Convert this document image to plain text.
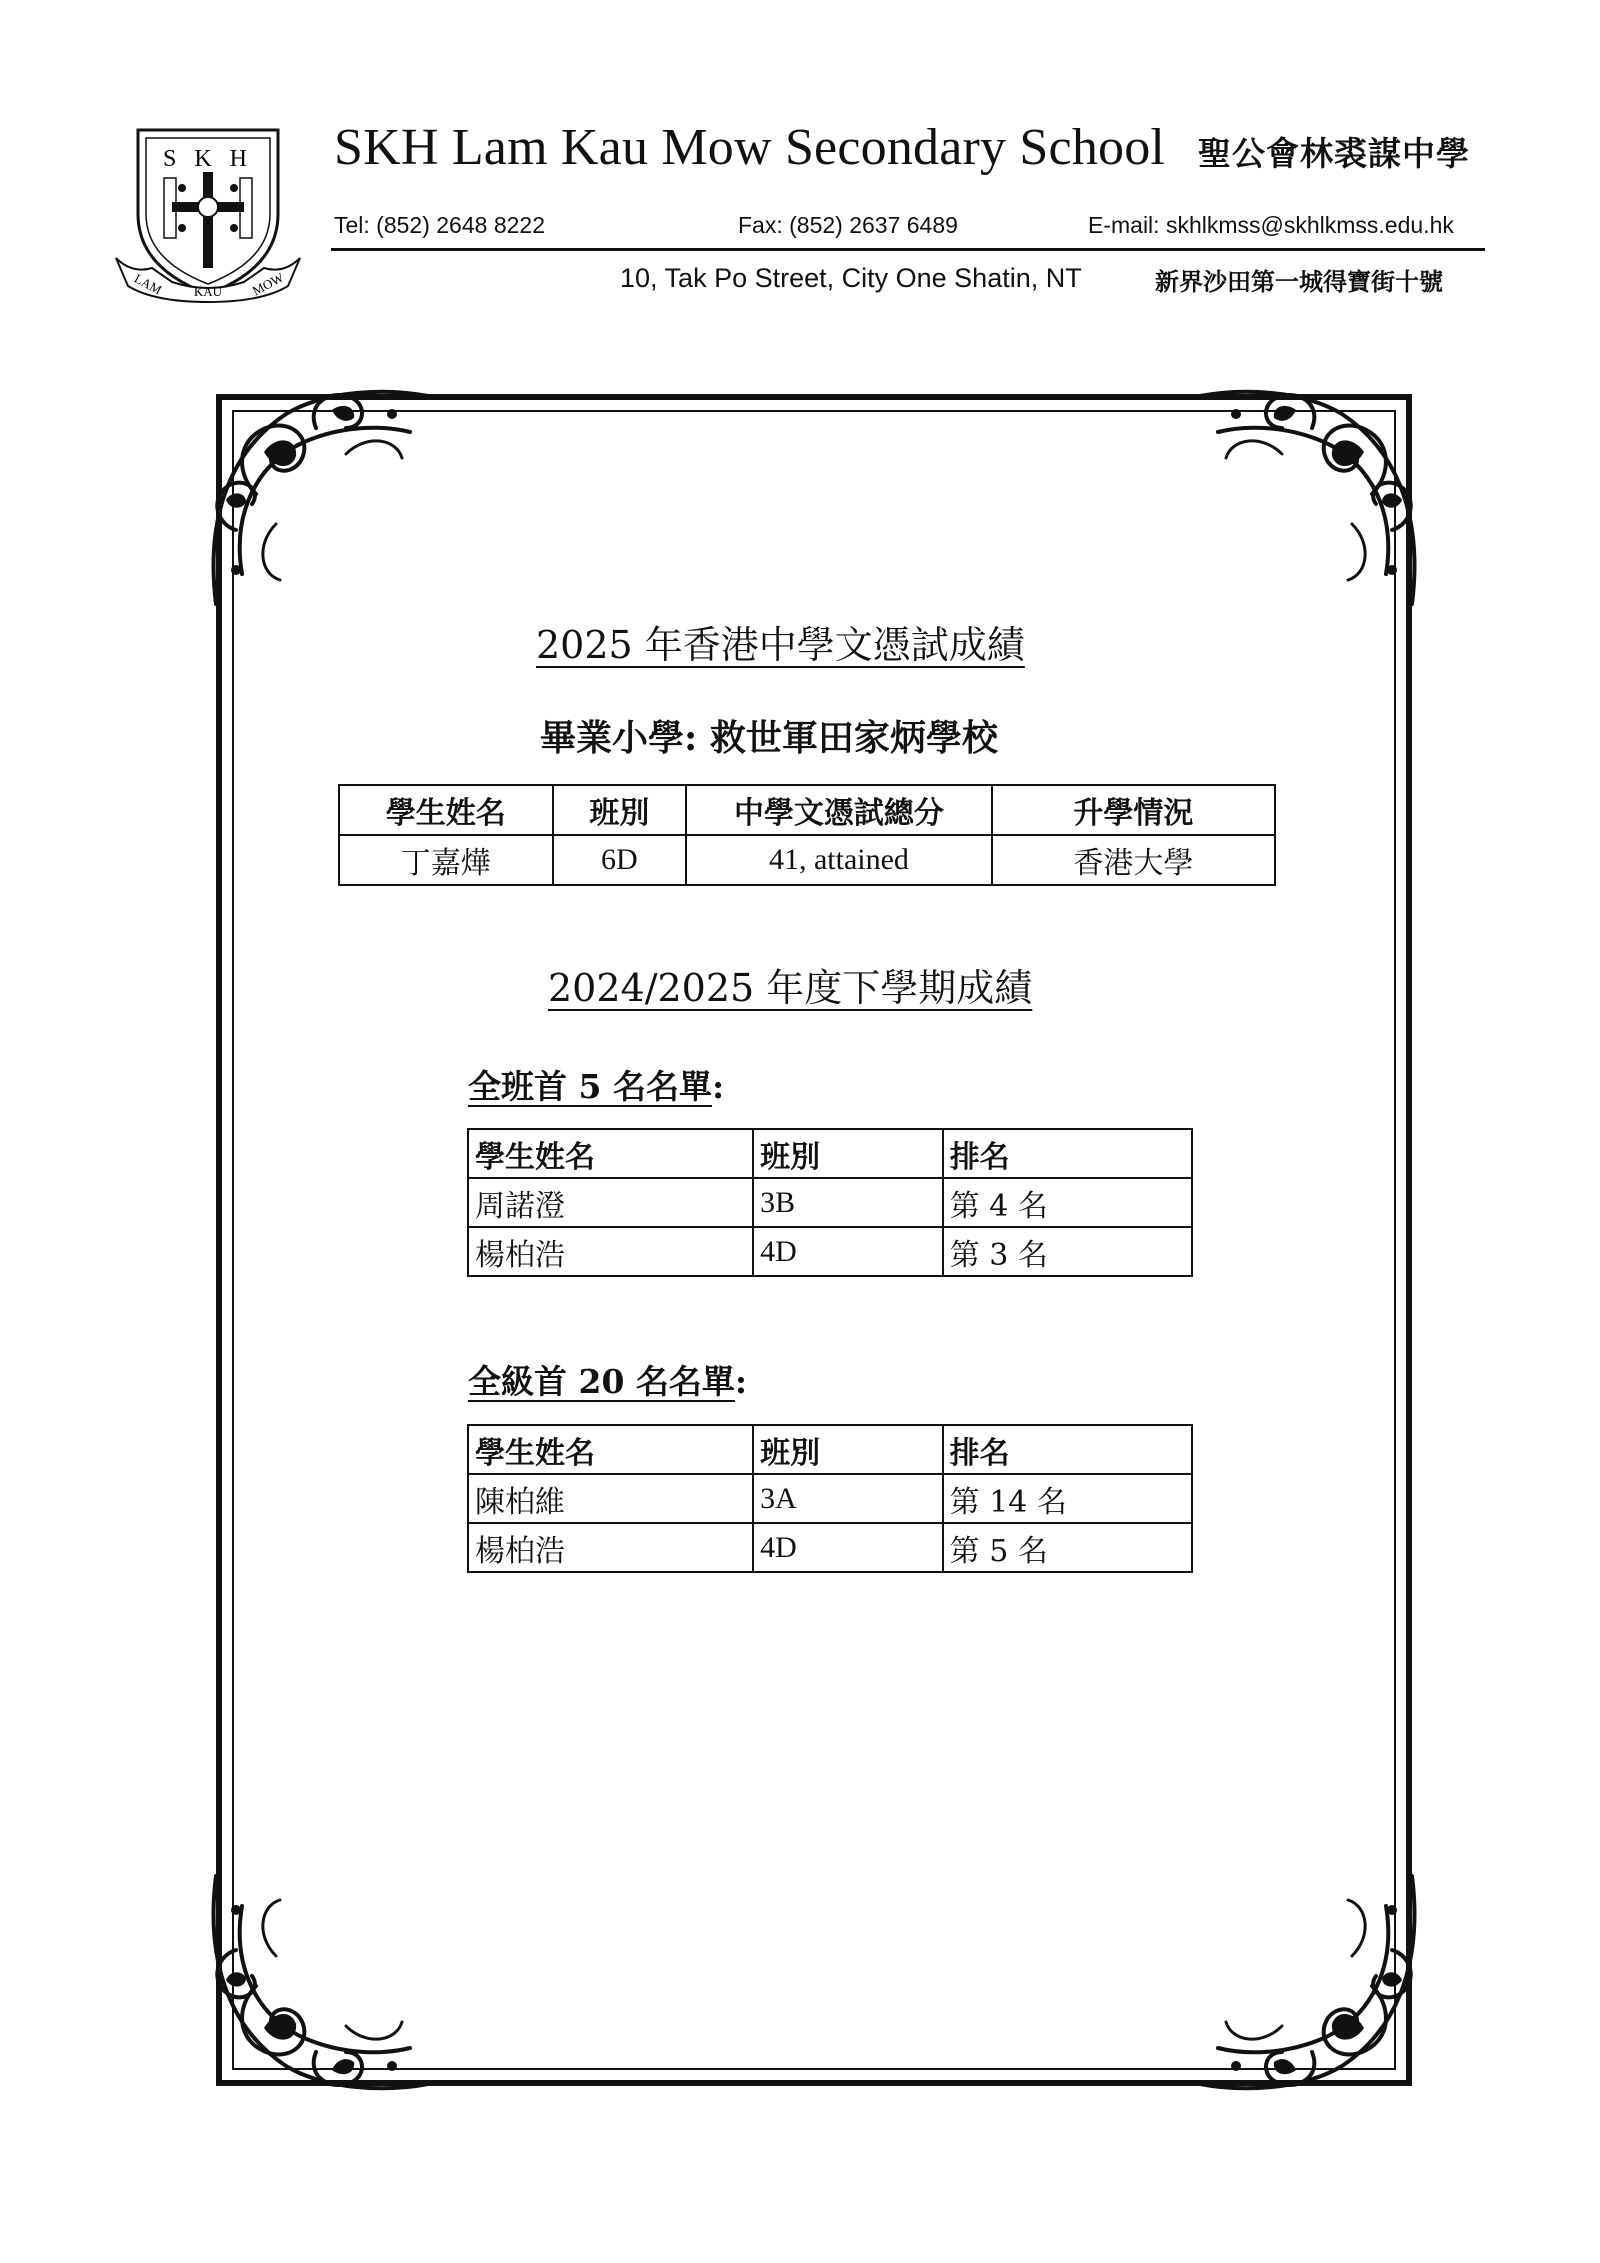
S K H
LAM KAU MOW
SKH Lam Kau Mow Secondary School 聖公會林裘謀中學
Tel: (852) 2648 8222	Fax: (852) 2637 6489	E-mail: skhlkmss@skhlkmss.edu.hk
10, Tak Po Street, City One Shatin, NT	新界沙田第一城得寶街十號
2025 年香港中學文憑試成績
畢業小學: 救世軍田家炳學校
學生姓名	班別	中學文憑試總分	升學情況
丁嘉燁	6D	41, attained	香港大學
2024/2025 年度下學期成績
全班首 5 名名單:
學生姓名	班別	排名
周諾澄	3B	第 4 名
楊柏浩	4D	第 3 名
全級首 20 名名單:
學生姓名	班別	排名
陳柏維	3A	第 14 名
楊柏浩	4D	第 5 名
